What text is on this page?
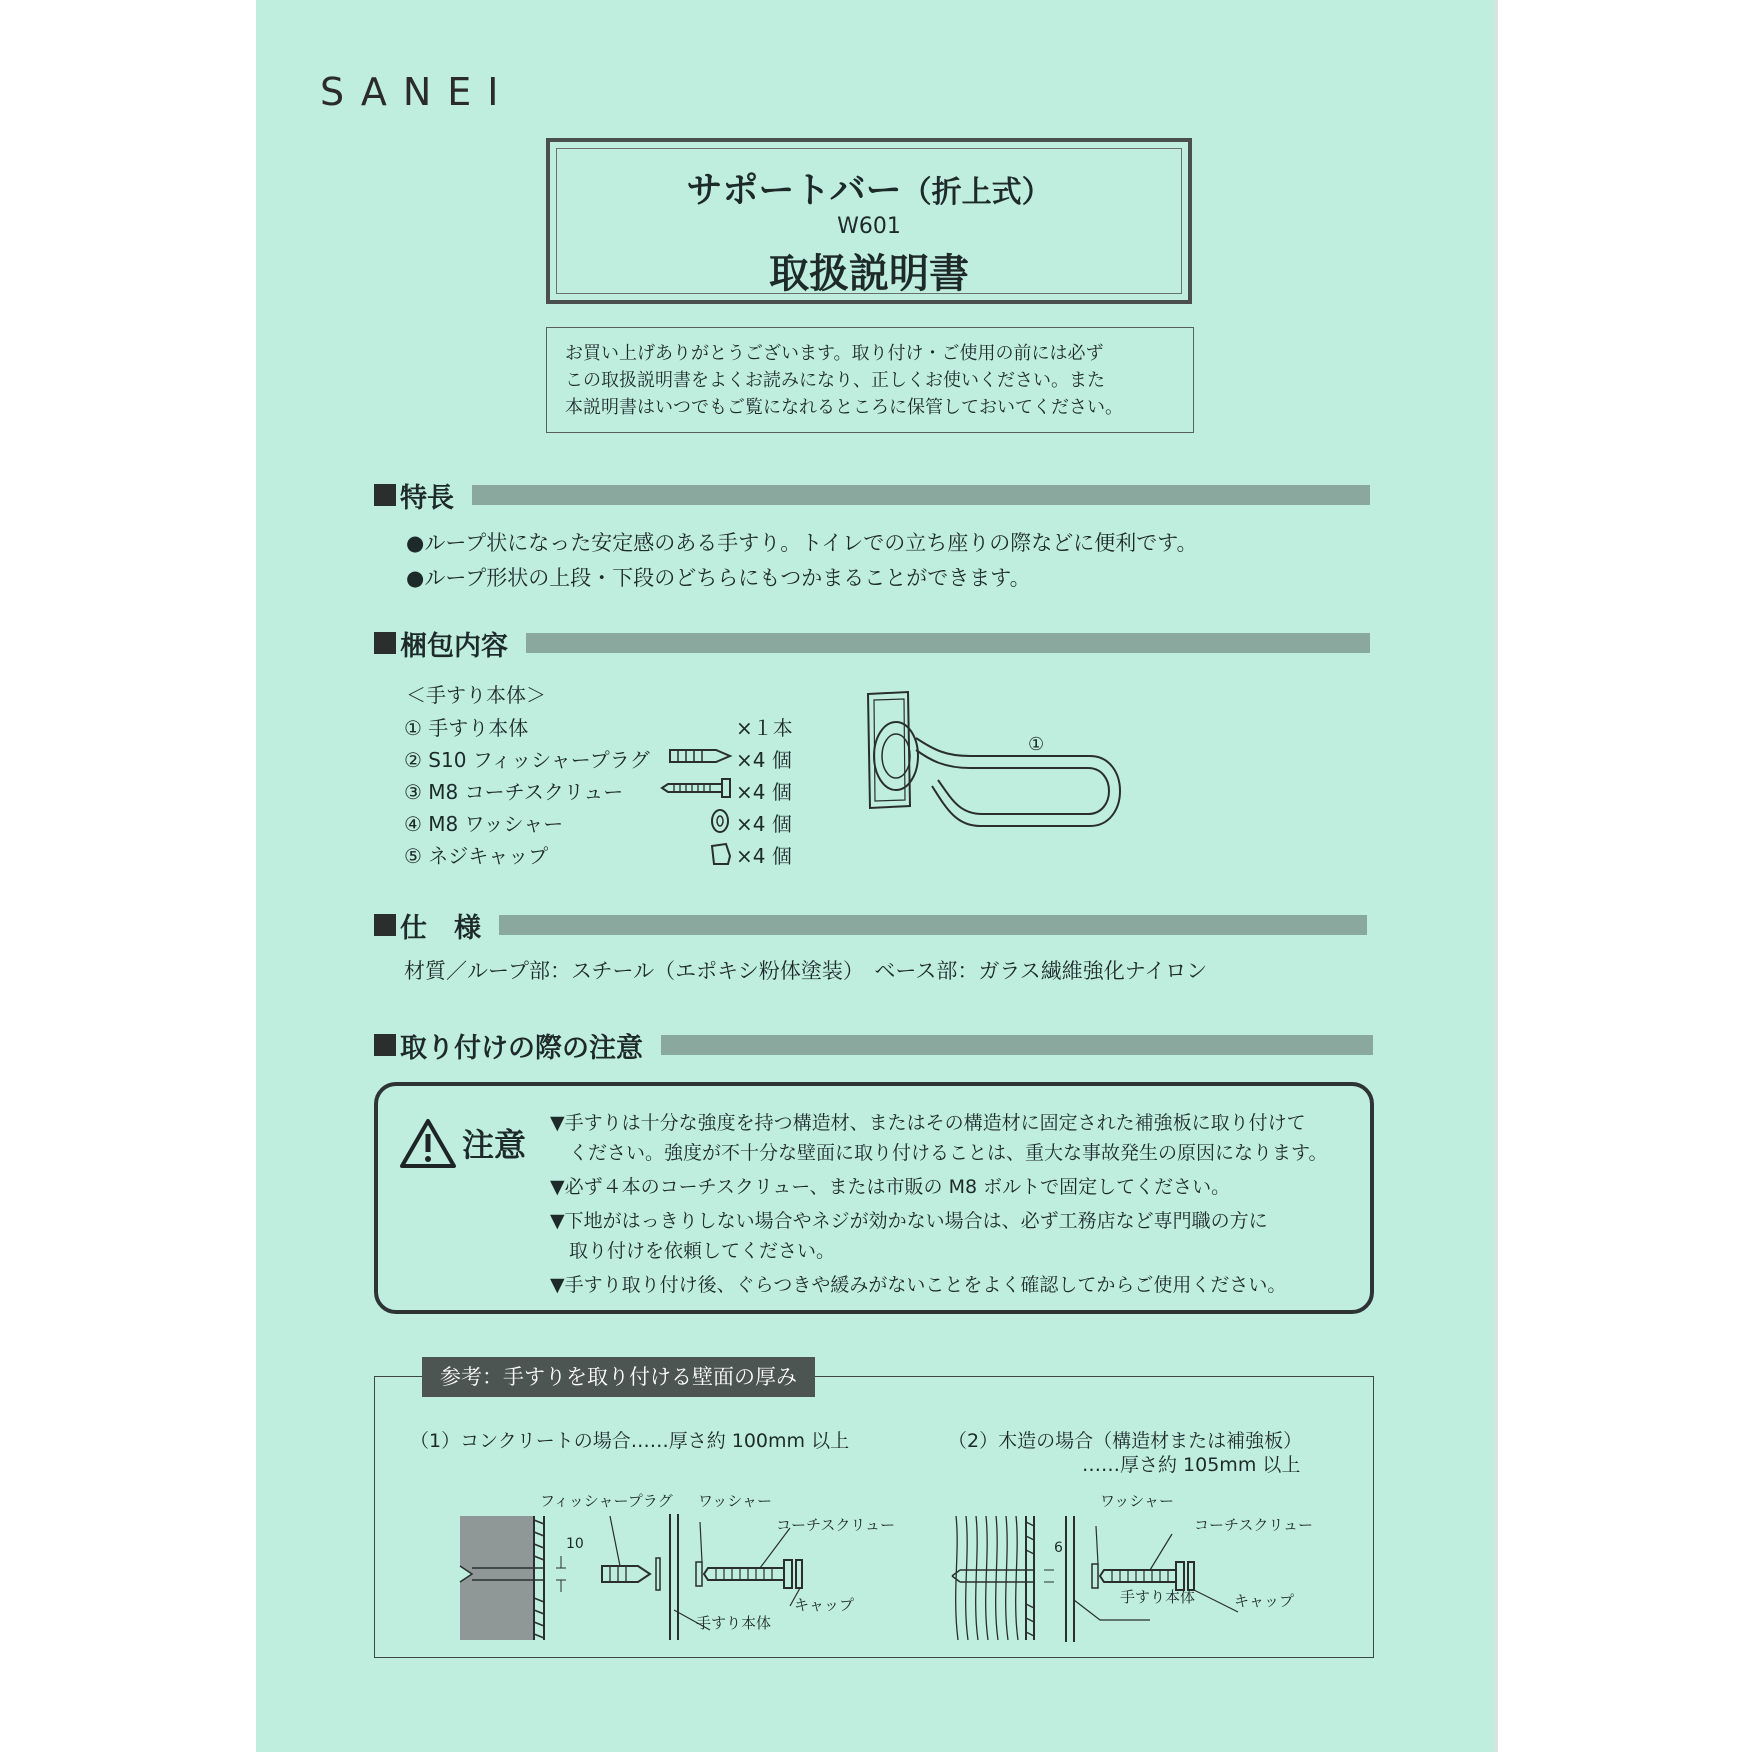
SANEI
サポートバー（折上式）
W601
取扱説明書
お買い上げありがとうございます。取り付け・ご使用の前には必ず
この取扱説明書をよくお読みになり、正しくお使いください。また
本説明書はいつでもご覧になれるところに保管しておいてください。
特長
●ループ状になった安定感のある手すり。トイレでの立ち座りの際などに便利です。
●ループ形状の上段・下段のどちらにもつかまることができます。
梱包内容
＜手すり本体＞
① 手すり本体	×１本
② S10 フィッシャープラグ	×4 個
③ M8 コーチスクリュー	×4 個
④ M8 ワッシャー	×4 個
⑤ ネジキャップ	×4 個
①
仕　様
材質／ループ部：スチール（エポキシ粉体塗装）　ベース部：ガラス繊維強化ナイロン
取り付けの際の注意
注意
▼手すりは十分な強度を持つ構造材、またはその構造材に固定された補強板に取り付けて
　ください。強度が不十分な壁面に取り付けることは、重大な事故発生の原因になります。
▼必ず４本のコーチスクリュー、または市販の M8 ボルトで固定してください。
▼下地がはっきりしない場合やネジが効かない場合は、必ず工務店など専門職の方に
　取り付けを依頼してください。
▼手すり取り付け後、ぐらつきや緩みがないことをよく確認してからご使用ください。
参考：手すりを取り付ける壁面の厚み
（1）コンクリートの場合……厚さ約 100mm 以上	（2）木造の場合（構造材または補強板）
……厚さ約 105mm 以上
10
フィッシャープラグ ワッシャー
コーチスクリュー
キャップ
手すり本体
6
ワッシャー
コーチスクリュー
キャップ
手すり本体
